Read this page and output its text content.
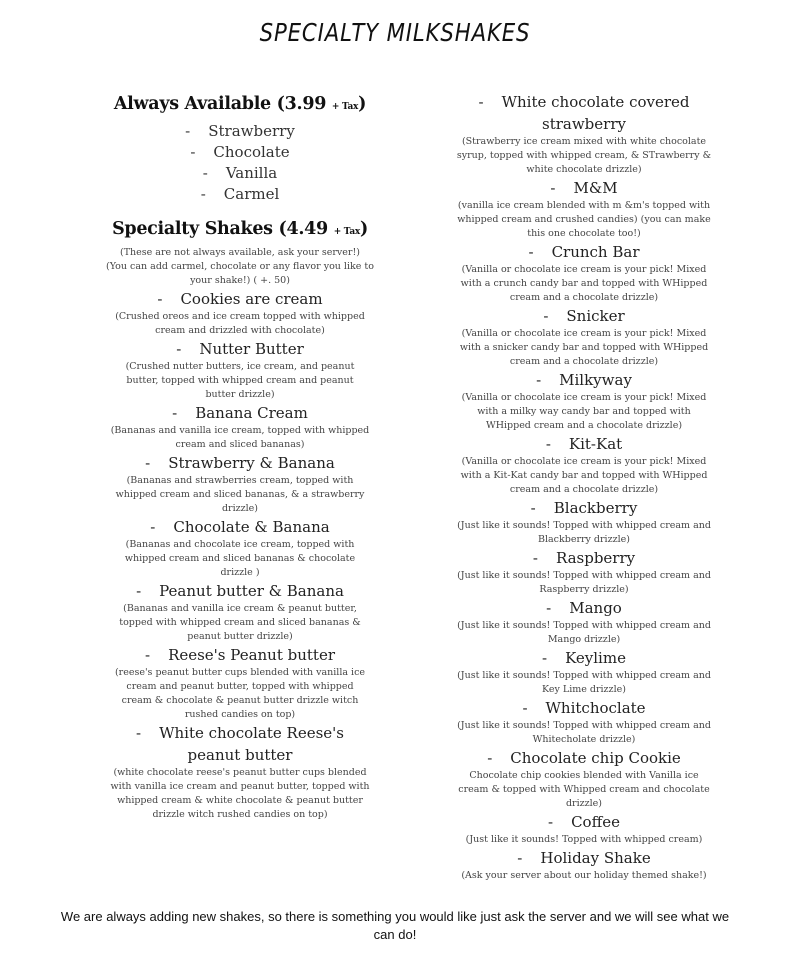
SPECIALTY MILKSHAKES
Always Available (3.99 + Tax)
- Strawberry
- Chocolate
- Vanilla
- Carmel
Specialty Shakes (4.49 + Tax)
(These are not always available, ask your server!)
(You can add carmel, chocolate or any flavor you like to your shake!) ( +. 50)
- Cookies are cream
(Crushed oreos and ice cream topped with whipped cream and drizzled with chocolate)
- Nutter Butter
(Crushed nutter butters, ice cream, and peanut butter, topped with whipped cream and peanut butter drizzle)
- Banana Cream
(Bananas and vanilla ice cream, topped with whipped cream and sliced bananas)
- Strawberry & Banana
(Bananas and strawberries cream, topped with whipped cream and sliced bananas, & a strawberry drizzle)
- Chocolate & Banana
(Bananas and chocolate ice cream, topped with whipped cream and sliced bananas & chocolate drizzle )
- Peanut butter & Banana
(Bananas and vanilla ice cream & peanut butter, topped with whipped cream and sliced bananas & peanut butter drizzle)
- Reese's Peanut butter
(reese's peanut butter cups blended with vanilla ice cream and peanut butter, topped with whipped cream & chocolate & peanut butter drizzle witch rushed candies on top)
- White chocolate Reese's peanut butter
(white chocolate reese's peanut butter cups blended with vanilla ice cream and peanut butter, topped with whipped cream & white chocolate & peanut butter drizzle witch rushed candies on top)
- White chocolate covered strawberry
(Strawberry ice cream mixed with white chocolate syrup, topped with whipped cream, & STrawberry & white chocolate drizzle)
- M&M
(vanilla ice cream blended with m &m's topped with whipped cream and crushed candies) (you can make this one chocolate too!)
- Crunch Bar
(Vanilla or chocolate ice cream is your pick! Mixed with a crunch candy bar and topped with WHipped cream and a chocolate drizzle)
- Snicker
(Vanilla or chocolate ice cream is your pick! Mixed with a snicker candy bar and topped with WHipped cream and a chocolate drizzle)
- Milkyway
(Vanilla or chocolate ice cream is your pick! Mixed with a milky way candy bar and topped with WHipped cream and a chocolate drizzle)
- Kit-Kat
(Vanilla or chocolate ice cream is your pick! Mixed with a Kit-Kat candy bar and topped with WHipped cream and a chocolate drizzle)
- Blackberry
(Just like it sounds! Topped with whipped cream and Blackberry drizzle)
- Raspberry
(Just like it sounds! Topped with whipped cream and Raspberry drizzle)
- Mango
(Just like it sounds! Topped with whipped cream and Mango drizzle)
- Keylime
(Just like it sounds! Topped with whipped cream and Key Lime drizzle)
- Whitchoclate
(Just like it sounds! Topped with whipped cream and Whitecholate drizzle)
- Chocolate chip Cookie
Chocolate chip cookies blended with Vanilla ice cream & topped with Whipped cream and chocolate drizzle)
- Coffee
(Just like it sounds! Topped with whipped cream)
- Holiday Shake
(Ask your server about our holiday themed shake!)
We are always adding new shakes, so there is something you would like just ask the server and we will see what we can do!
